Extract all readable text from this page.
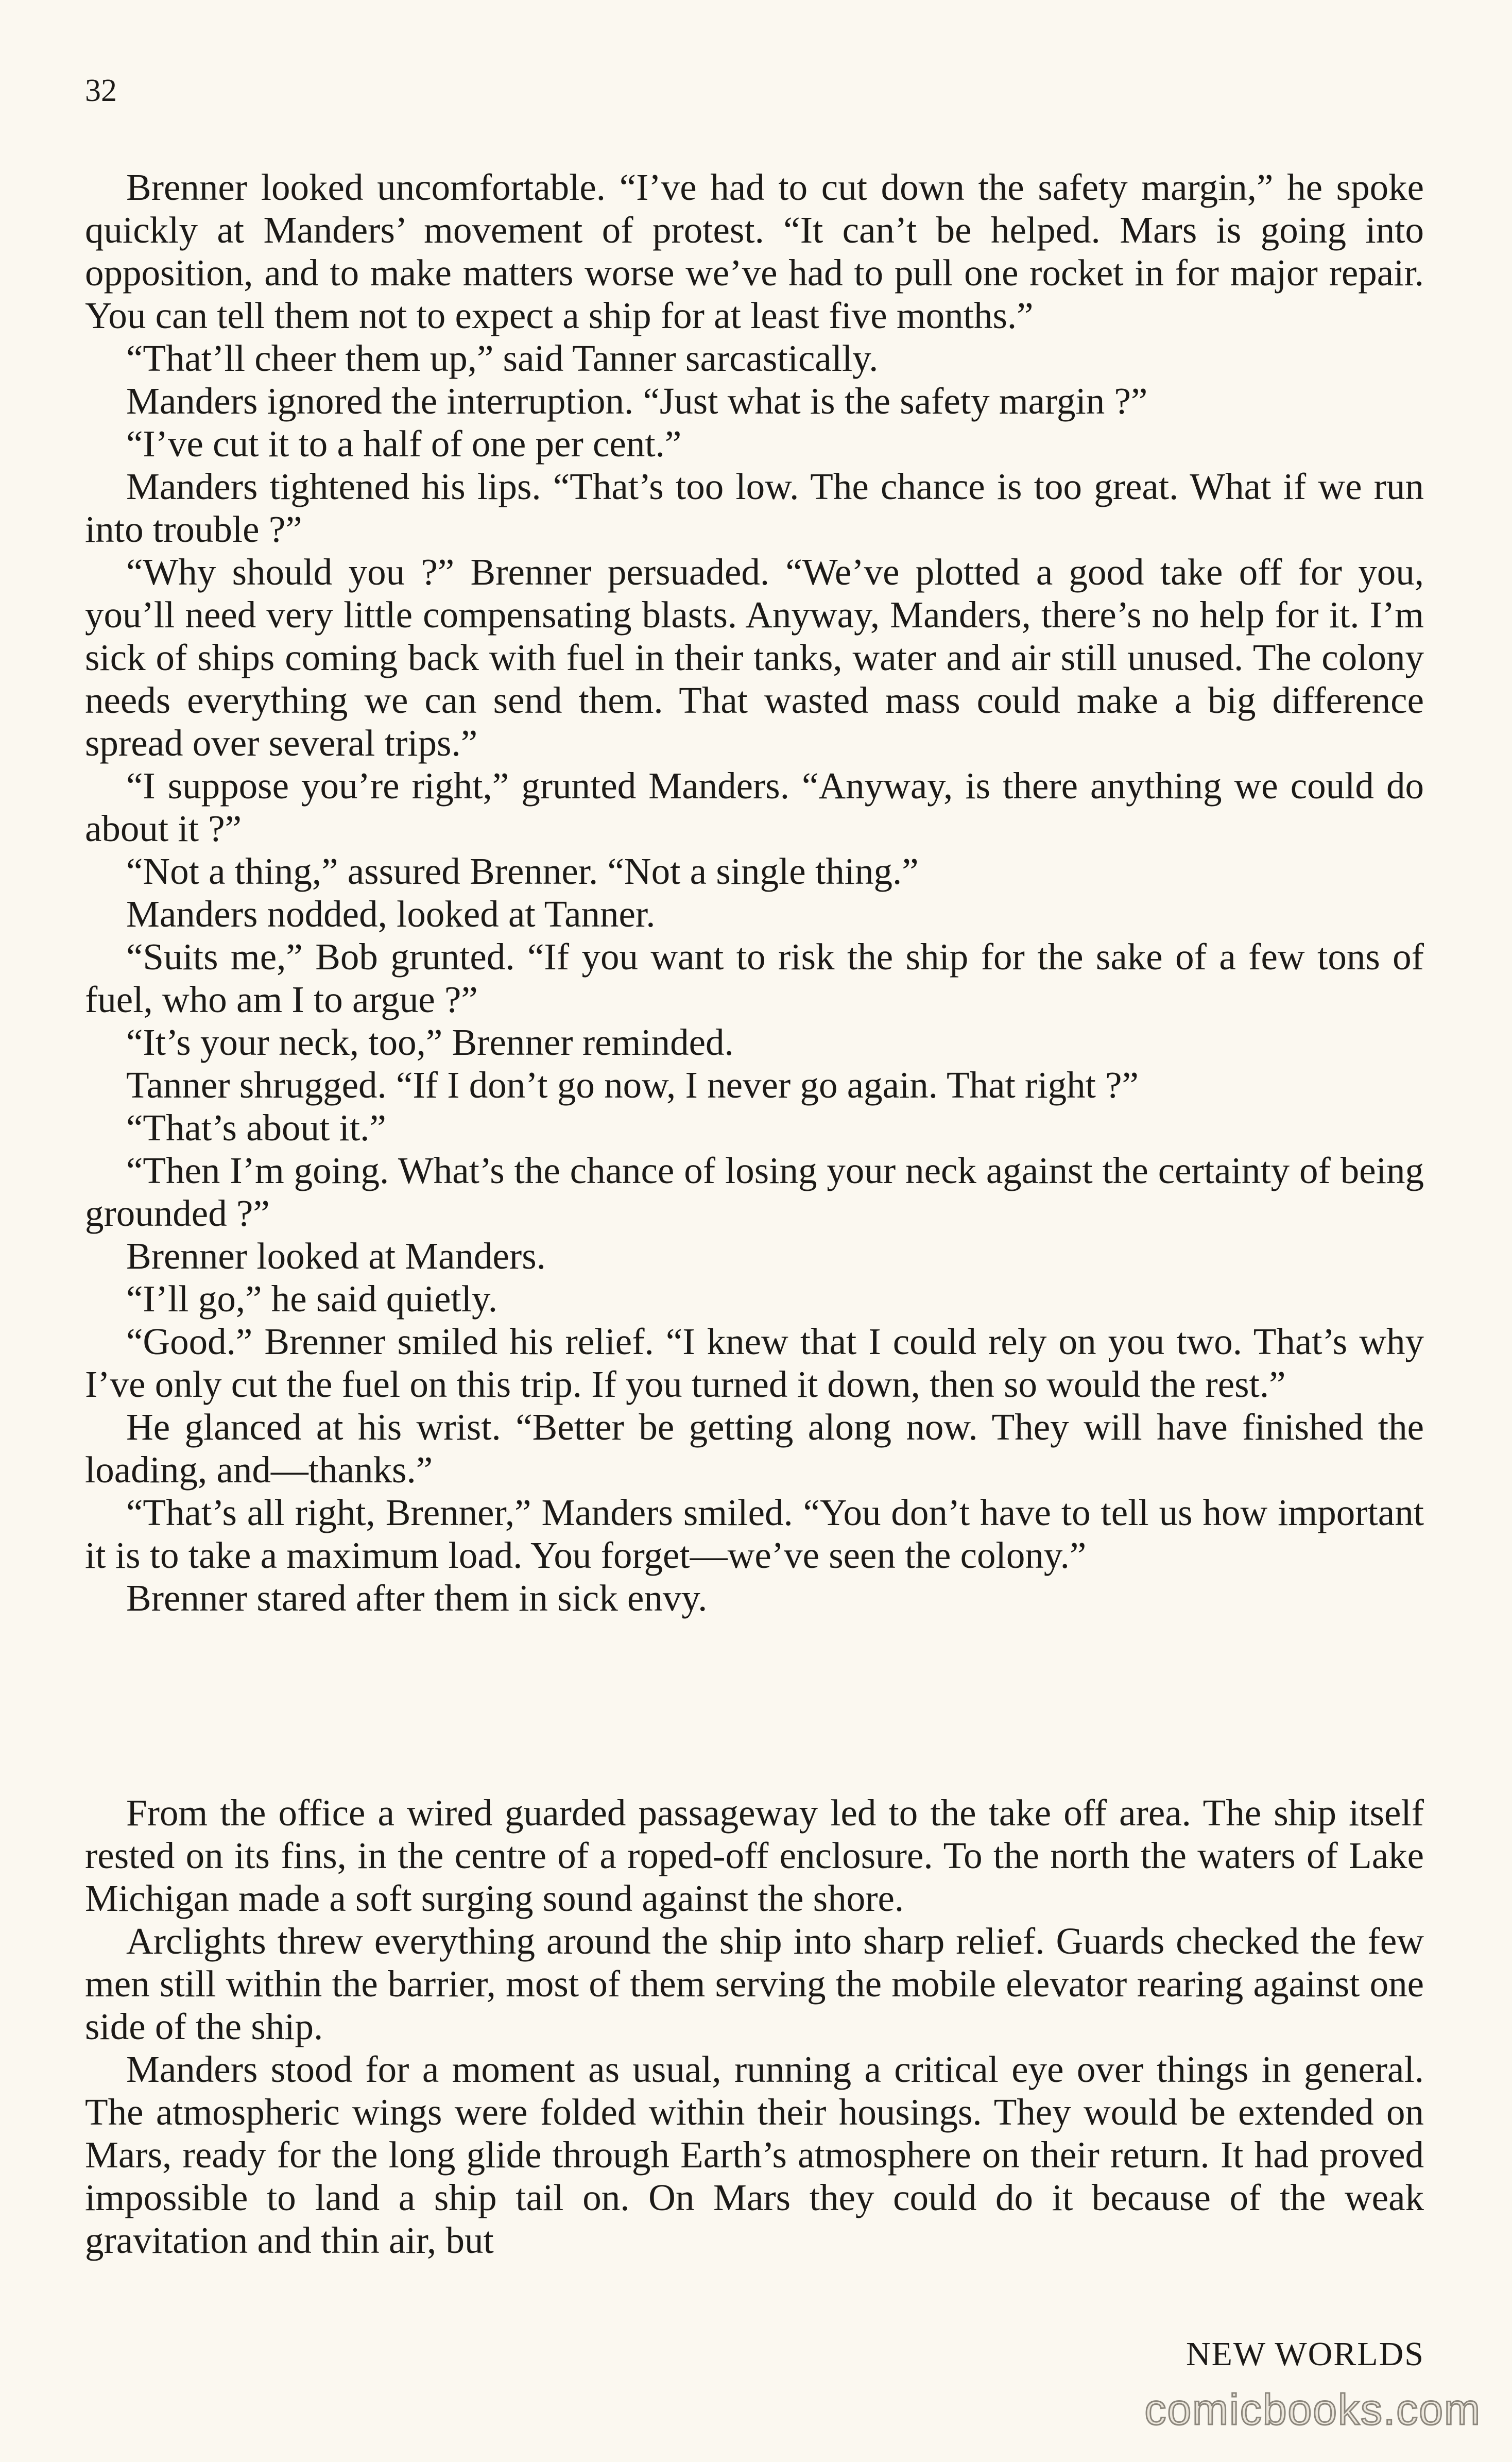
32

Brenner looked uncomfortable. “I’ve had to cut down the safety margin,” he spoke quickly at Manders’ movement of protest. “It can’t be helped. Mars is going into opposition, and to make matters worse we’ve had to pull one rocket in for major repair. You can tell them not to expect a ship for at least five months.”

“That’ll cheer them up,” said Tanner sarcastically.

Manders ignored the interruption. “Just what is the safety margin ?”

“I’ve cut it to a half of one per cent.”

Manders tightened his lips. “That’s too low. The chance is too great. What if we run into trouble ?”

“Why should you ?” Brenner persuaded. “We’ve plotted a good take off for you, you’ll need very little compensating blasts. Anyway, Manders, there’s no help for it. I’m sick of ships coming back with fuel in their tanks, water and air still unused. The colony needs everything we can send them. That wasted mass could make a big difference spread over several trips.”

“I suppose you’re right,” grunted Manders. “Anyway, is there anything we could do about it ?”

“Not a thing,” assured Brenner. “Not a single thing.”

Manders nodded, looked at Tanner.

“Suits me,” Bob grunted. “If you want to risk the ship for the sake of a few tons of fuel, who am I to argue ?”

“It’s your neck, too,” Brenner reminded.

Tanner shrugged. “If I don’t go now, I never go again. That right ?”

“That’s about it.”

“Then I’m going. What’s the chance of losing your neck against the certainty of being grounded ?”

Brenner looked at Manders.

“I’ll go,” he said quietly.

“Good.” Brenner smiled his relief. “I knew that I could rely on you two. That’s why I’ve only cut the fuel on this trip. If you turned it down, then so would the rest.”

He glanced at his wrist. “Better be getting along now. They will have finished the loading, and—thanks.”

“That’s all right, Brenner,” Manders smiled. “You don’t have to tell us how important it is to take a maximum load. You forget—we’ve seen the colony.”

Brenner stared after them in sick envy.

From the office a wired guarded passageway led to the take off area. The ship itself rested on its fins, in the centre of a roped-off enclosure. To the north the waters of Lake Michigan made a soft surging sound against the shore.

Arclights threw everything around the ship into sharp relief. Guards checked the few men still within the barrier, most of them serving the mobile elevator rearing against one side of the ship.

Manders stood for a moment as usual, running a critical eye over things in general. The atmospheric wings were folded within their housings. They would be extended on Mars, ready for the long glide through Earth’s atmosphere on their return. It had proved impossible to land a ship tail on. On Mars they could do it because of the weak gravitation and thin air, but

NEW WORLDS
comicbooks.com
